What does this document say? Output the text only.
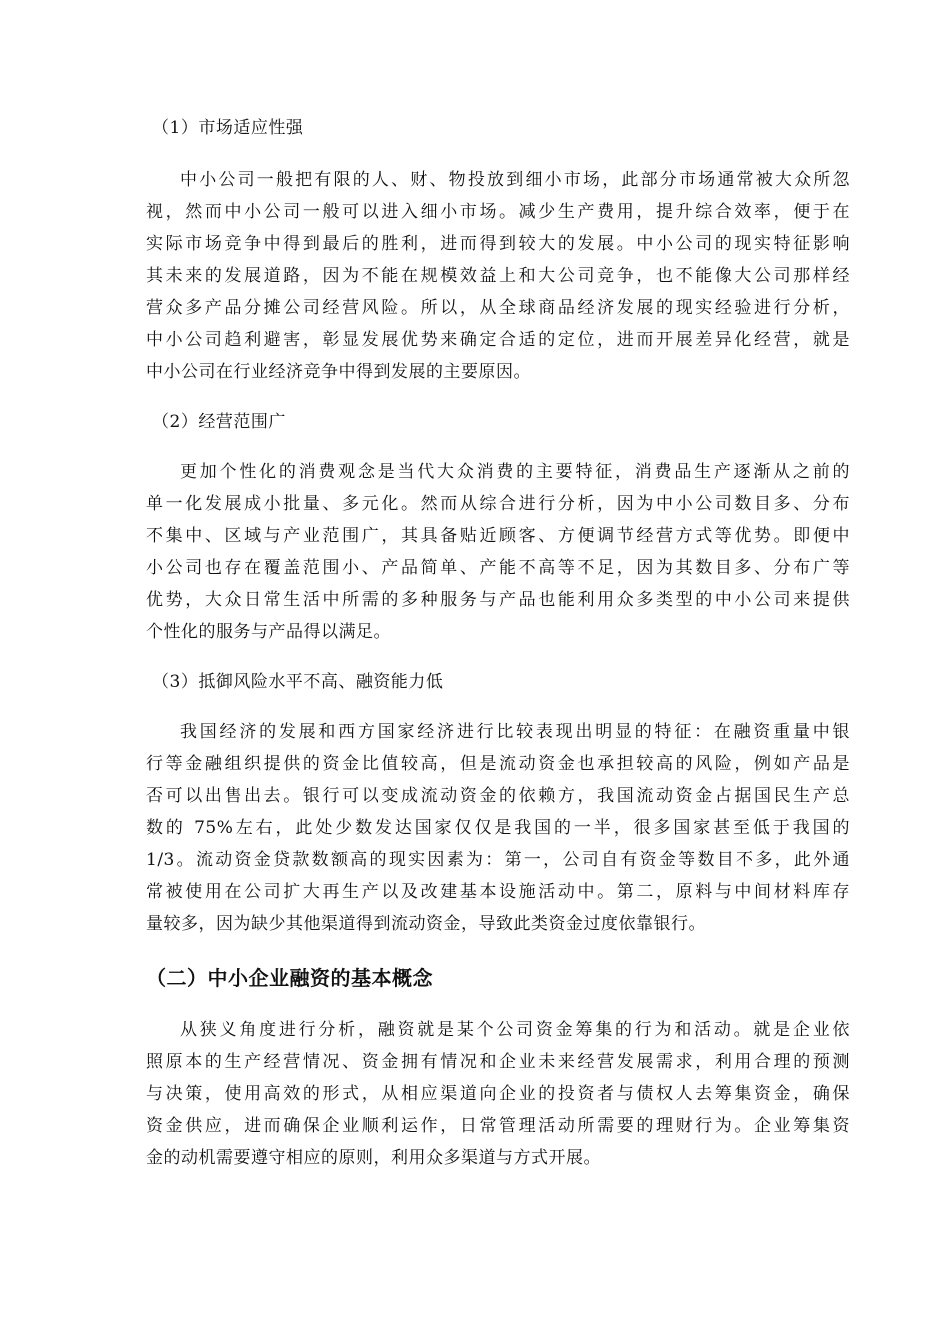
（1）市场适应性强
中小公司一般把有限的人、财、物投放到细小市场，此部分市场通常被大众所忽
视，然而中小公司一般可以进入细小市场。减少生产费用，提升综合效率，便于在
实际市场竞争中得到最后的胜利，进而得到较大的发展。中小公司的现实特征影响
其未来的发展道路，因为不能在规模效益上和大公司竞争，也不能像大公司那样经
营众多产品分摊公司经营风险。所以，从全球商品经济发展的现实经验进行分析，
中小公司趋利避害，彰显发展优势来确定合适的定位，进而开展差异化经营，就是
中小公司在行业经济竞争中得到发展的主要原因。
（2）经营范围广
更加个性化的消费观念是当代大众消费的主要特征，消费品生产逐渐从之前的
单一化发展成小批量、多元化。然而从综合进行分析，因为中小公司数目多、分布
不集中、区域与产业范围广，其具备贴近顾客、方便调节经营方式等优势。即便中
小公司也存在覆盖范围小、产品简单、产能不高等不足，因为其数目多、分布广等
优势，大众日常生活中所需的多种服务与产品也能利用众多类型的中小公司来提供
个性化的服务与产品得以满足。
（3）抵御风险水平不高、融资能力低
我国经济的发展和西方国家经济进行比较表现出明显的特征：在融资重量中银
行等金融组织提供的资金比值较高，但是流动资金也承担较高的风险，例如产品是
否可以出售出去。银行可以变成流动资金的依赖方，我国流动资金占据国民生产总
数的 75%左右，此处少数发达国家仅仅是我国的一半，很多国家甚至低于我国的
1/3。流动资金贷款数额高的现实因素为：第一，公司自有资金等数目不多，此外通
常被使用在公司扩大再生产以及改建基本设施活动中。第二，原料与中间材料库存
量较多，因为缺少其他渠道得到流动资金，导致此类资金过度依靠银行。
（二）中小企业融资的基本概念
从狭义角度进行分析，融资就是某个公司资金筹集的行为和活动。就是企业依
照原本的生产经营情况、资金拥有情况和企业未来经营发展需求，利用合理的预测
与决策，使用高效的形式，从相应渠道向企业的投资者与债权人去筹集资金，确保
资金供应，进而确保企业顺利运作，日常管理活动所需要的理财行为。企业筹集资
金的动机需要遵守相应的原则，利用众多渠道与方式开展。
